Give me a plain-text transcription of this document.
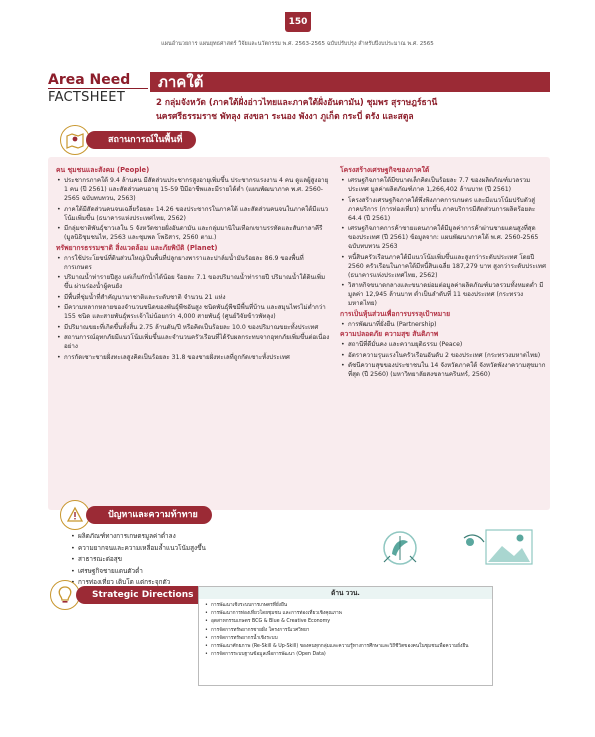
150
แผนอำนวยการ แผนยุทธศาสตร์ วิจัยและนวัตกรรม พ.ศ. 2563-2565 ฉบับปรับปรุง สำหรับปีงบประมาณ พ.ศ. 2565
Area Need
FACTSHEET
ภาคใต้
2 กลุ่มจังหวัด (ภาคใต้ฝั่งอ่าวไทยและภาคใต้ฝั่งอันดามัน) ชุมพร สุราษฎร์ธานี
นครศรีธรรมราช พัทลุง สงขลา ระนอง พังงา ภูเก็ต กระบี่ ตรัง และสตูล
สถานการณ์ในพื้นที่
คน ชุมชนและสังคม (People)
• ประชากรภาคใต้ 9.4 ล้านคน มีสัดส่วนประชากรสูงอายุเพิ่มขึ้น ประชากรแรงงาน 4 คน ดูแลผู้สูงอายุ 1 คน (ปี 2561) และสัดส่วนคนอายุ 15-59 ปีมีอาชีพและมีรายได้ต่ำ (แผนพัฒนาภาค พ.ศ. 2560-2565 ฉบับทบทวน, 2563)
• ภาคใต้มีสัดส่วนคนจนเฉลี่ยร้อยละ 14.26 ของประชากรในภาคใต้ และสัดส่วนคนจนในภาคใต้มีแนวโน้มเพิ่มขึ้น (ธนาคารแห่งประเทศไทย, 2562)
• มีกลุ่มชาติพันธุ์ชาวเลใน 5 จังหวัดชายฝั่งอันดามัน และกลุ่มมานิในเทือกเขาบรรทัดและสันกาลาคีรี (มูลนิธิชุมชนไท, 2563 และชุมพล โพธิสาร, 2560 ตาม.)
ทรัพยากรธรรมชาติ สิ่งแวดล้อม และภัยพิบัติ (Planet)
• การใช้ประโยชน์ที่ดินส่วนใหญ่เป็นพื้นที่ปลูกยางพาราและปาล์มน้ำมันร้อยละ 86.9 ของพื้นที่การเกษตร
• ปริมาณน้ำท่ารายปีสูง แต่เก็บกักน้ำได้น้อย ร้อยละ 7.1 ของปริมาณน้ำท่ารายปี ปริมาณน้ำใต้ดินเพิ่มขึ้น ผ่านร่องน้ำผู้คนยัง
• มีพื้นที่ชุ่มน้ำที่สำคัญนานาชาติและระดับชาติ จำนวน 21 แห่ง
• มีความหลากหลายของจำนวนชนิดของพันธุ์พืชอันสูง ชนิดพันธุ์พืชมีพื้นที่บ้าน และสมุนไพรไม่ต่ำกว่า 155 ชนิด และสายพันธุ์พระเจ้าไม่น้อยกว่า 4,000 สายพันธุ์ (ศูนย์วิจัยข้าวพัทลุง)
• มีปริมาณขยะที่เกิดขึ้นทั้งสิ้น 2.75 ล้านตัน/ปี หรือคิดเป็นร้อยละ 10.0 ของปริมาณขยะทั้งประเทศ
• สถานการณ์อุทกภัยมีแนวโน้มเพิ่มขึ้นและจำนวนครัวเรือนที่ได้รับผลกระทบจากอุทกภัยเพิ่มขึ้นต่อเนื่องอย่าง
• การกัดเซาะชายฝั่งทะเลสูงคิดเป็นร้อยละ 31.8 ของชายฝั่งทะเลที่ถูกกัดเซาะทั้งประเทศ
โครงสร้างเศรษฐกิจของภาคใต้
• เศรษฐกิจภาคใต้มีขนาดเล็กคิดเป็นร้อยละ 7.7 ของผลิตภัณฑ์มวลรวมประเทศ มูลค่าผลิตภัณฑ์ภาค 1,266,402 ล้านบาท (ปี 2561)
• โครงสร้างเศรษฐกิจภาคใต้พึ่งพิงภาคการเกษตร และมีแนวโน้มปรับตัวสู่ภาคบริการ (การท่องเที่ยว) มากขึ้น ภาคบริการมีสัดส่วนการผลิตร้อยละ 64.4 (ปี 2561)
• เศรษฐกิจภาคการค้าชายแดนภาคใต้มีมูลค่าการค้าผ่านชายแดนสูงที่สุดของประเทศ (ปี 2561) ข้อมูลจาก: แผนพัฒนาภาคใต้ พ.ศ. 2560-2565 ฉบับทบทวน 2563
• หนี้สินครัวเรือนภาคใต้มีแนวโน้มเพิ่มขึ้นและสูงกว่าระดับประเทศ โดยปี 2560 ครัวเรือนในภาคใต้มีหนี้สินเฉลี่ย 187,279 บาท สูงกว่าระดับประเทศ (ธนาคารแห่งประเทศไทย, 2562)
• วิสาหกิจขนาดกลางและขนาดย่อมต่อมูลค่าผลิตภัณฑ์มวลรวมทั้งหมดต่ำ มีมูลค่า 12,945 ล้านบาท ต่ำเป็นลำดับที่ 11 ของประเทศ (กระทรวงมหาดไทย)
การเป็นหุ้นส่วนเพื่อการบรรลุเป้าหมาย
• การพัฒนาที่ยั่งยืน (Partnership)
ความปลอดภัย ความสุข สันติภาพ
• สถานีที่ดีมั่นคง และความยุติธรรม (Peace)
• อัตราความรุนแรงในครัวเรือนอันดับ 2 ของประเทศ (กระทรวงมหาดไทย)
• ดัชนีความสุขของประชาชนใน 14 จังหวัดภาคใต้ จังหวัดพังงาความสุขมากที่สุด (ปี 2560) (มหาวิทยาลัยสงขลานครินทร์, 2560)
ปัญหาและความท้าทาย
• ผลิตภัณฑ์ทางการเกษตรมูลค่าต่ำลง
• ความยากจนและความเหลื่อมล้ำแนวโน้มสูงขึ้น
• สาธารณะต่อสุข
• เศรษฐกิจชายแดนตัวต่ำ
• การท่องเที่ยว เติบโต แต่กระจุกตัว
Strategic Directions	ด้าน ววน.
• การพัฒนาเชิงระบบการเกษตรที่ยั่งยืน
• การพัฒนาการท่องเที่ยวโดยชุมชน และการท่องเที่ยวเชิงคุณภาพ
• อุตสาหกรรมเกษตร BCG & Blue & Creative Economy
• การจัดการทรัพยากรชายฝั่ง โครงการนิเวศวิทยา
• การจัดการทรัพยากรน้ำเชิงระบบ
• การพัฒนาศักยภาพ (Re-Skill & Up-Skill) ของคนทุกกลุ่มและความรู้ทางการศึกษาและวิถีชีวิตของคนในชุมชนเพื่อความยั่งยืน
• การจัดการระบบฐานข้อมูลเพื่อการพัฒนา (Open Data)
